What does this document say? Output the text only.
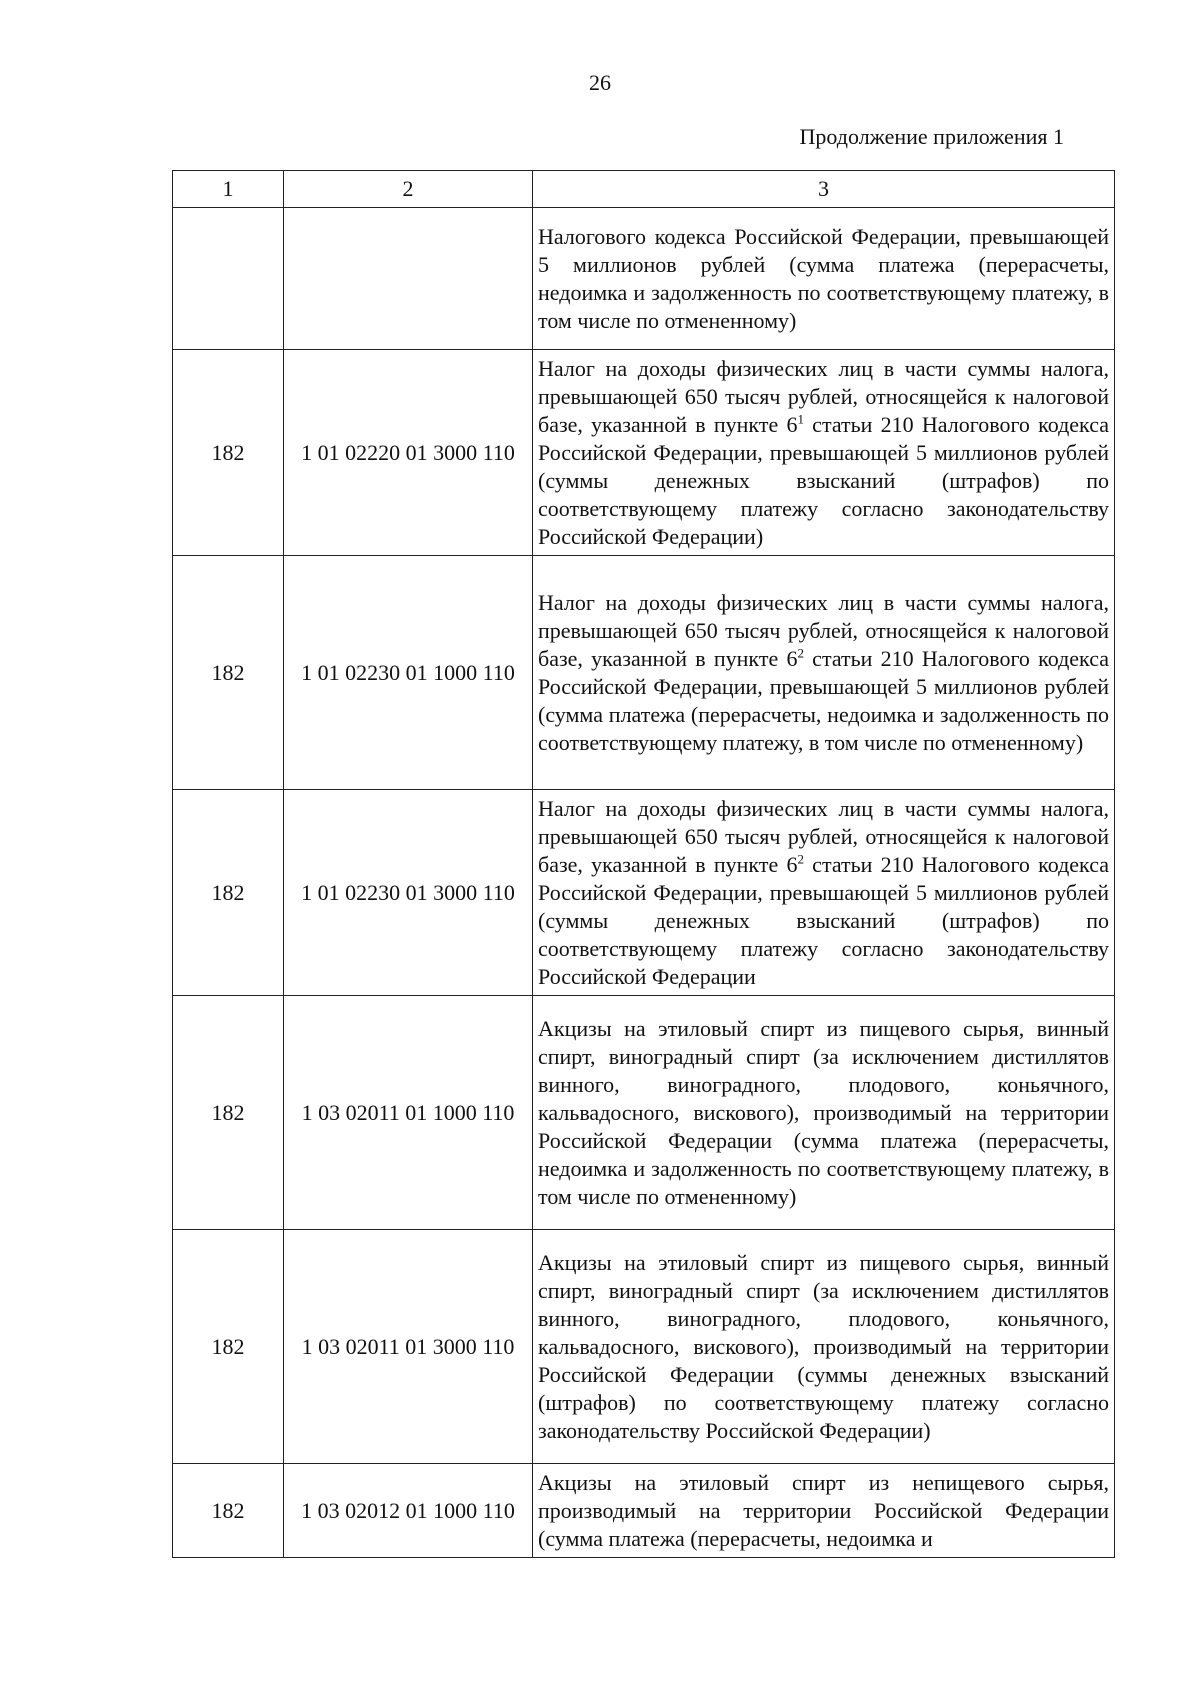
26
Продолжение приложения 1
1	2	3
		Налогового кодекса Российской Федерации, превышающей 5 миллионов рублей (сумма платежа (перерасчеты, недоимка и задолженность по соответствующему платежу, в том числе по отмененному)
182	1 01 02220 01 3000 110	Налог на доходы физических лиц в части суммы налога, превышающей 650 тысяч рублей, относящейся к налоговой базе, указанной в пункте $6^1$ статьи 210 Налогового кодекса Российской Федерации, превышающей 5 миллионов рублей (суммы денежных взысканий (штрафов) по соответствующему платежу согласно законодательству Российской Федерации)
182	1 01 02230 01 1000 110	Налог на доходы физических лиц в части суммы налога, превышающей 650 тысяч рублей, относящейся к налоговой базе, указанной в пункте $6^2$ статьи 210 Налогового кодекса Российской Федерации, превышающей 5 миллионов рублей (сумма платежа (перерасчеты, недоимка и задолженность по соответствующему платежу, в том числе по отмененному)
182	1 01 02230 01 3000 110	Налог на доходы физических лиц в части суммы налога, превышающей 650 тысяч рублей, относящейся к налоговой базе, указанной в пункте $6^2$ статьи 210 Налогового кодекса Российской Федерации, превышающей 5 миллионов рублей (суммы денежных взысканий (штрафов) по соответствующему платежу согласно законодательству Российской Федерации
182	1 03 02011 01 1000 110	Акцизы на этиловый спирт из пищевого сырья, винный спирт, виноградный спирт (за исключением дистиллятов винного, виноградного, плодового, коньячного, кальвадосного, вискового), производимый на территории Российской Федерации (сумма платежа (перерасчеты, недоимка и задолженность по соответствующему платежу, в том числе по отмененному)
182	1 03 02011 01 3000 110	Акцизы на этиловый спирт из пищевого сырья, винный спирт, виноградный спирт (за исключением дистиллятов винного, виноградного, плодового, коньячного, кальвадосного, вискового), производимый на территории Российской Федерации (суммы денежных взысканий (штрафов) по соответствующему платежу согласно законодательству Российской Федерации)
182	1 03 02012 01 1000 110	Акцизы на этиловый спирт из непищевого сырья, производимый на территории Российской Федерации (сумма платежа (перерасчеты, недоимка и
